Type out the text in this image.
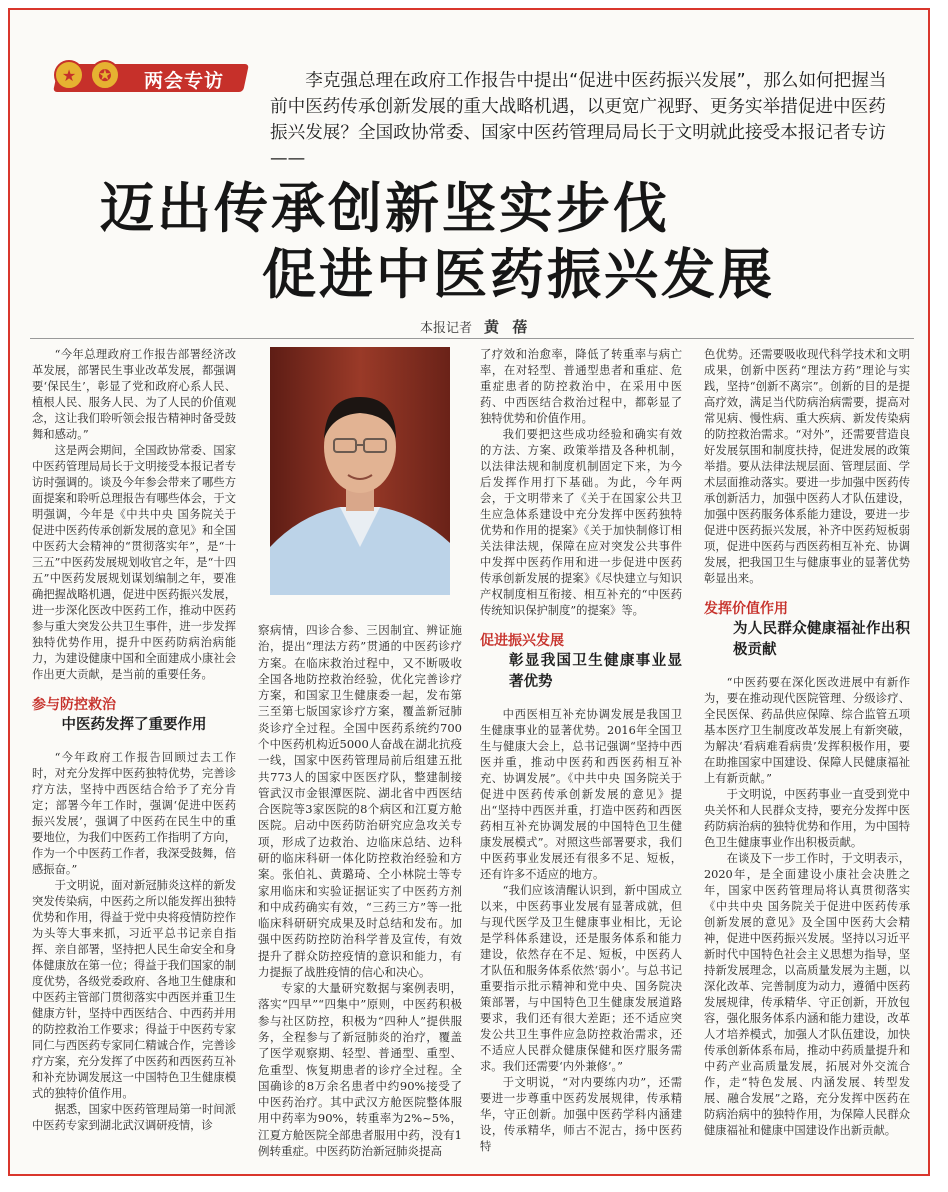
★	✪	两会专访	李克强总理在政府工作报告中提出“促进中医药振兴发展”，那么如何把握当前中医药传承创新发展的重大战略机遇，以更宽广视野、更务实举措促进中医药振兴发展？全国政协常委、国家中医药管理局局长于文明就此接受本报记者专访——

迈出传承创新坚实步伐
促进中医药振兴发展
本报记者 黄 蓓

“今年总理政府工作报告部署经济改革发展，部署民生事业改革发展，都强调要‘保民生’，彰显了党和政府心系人民、植根人民、服务人民、为了人民的价值观念，这让我们聆听领会报告精神时备受鼓舞和感动。”

这是两会期间，全国政协常委、国家中医药管理局局长于文明接受本报记者专访时强调的。谈及今年参会带来了哪些方面提案和聆听总理报告有哪些体会，于文明强调，今年是《中共中央 国务院关于促进中医药传承创新发展的意见》和全国中医药大会精神的“贯彻落实年”，是“十三五”中医药发展规划收官之年，是“十四五”中医药发展规划谋划编制之年，要准确把握战略机遇，促进中医药振兴发展，进一步深化医改中医药工作，推动中医药参与重大突发公共卫生事件，进一步发挥独特优势作用，提升中医药防病治病能力，为建设健康中国和全面建成小康社会作出更大贡献，是当前的重要任务。

参与防控救治
中医药发挥了重要作用

“今年政府工作报告回顾过去工作时，对充分发挥中医药独特优势，完善诊疗方法，坚持中西医结合给予了充分肯定；部署今年工作时，强调‘促进中医药振兴发展’，强调了中医药在民生中的重要地位，为我们中医药工作指明了方向，作为一个中医药工作者，我深受鼓舞，倍感振奋。”

于文明说，面对新冠肺炎这样的新发突发传染病，中医药之所以能发挥出独特优势和作用，得益于党中央将疫情防控作为头等大事来抓，习近平总书记亲自指挥、亲自部署，坚持把人民生命安全和身体健康放在第一位；得益于我们国家的制度优势，各级党委政府、各地卫生健康和中医药主管部门贯彻落实中西医并重卫生健康方针，坚持中西医结合、中西药并用的防控救治工作要求；得益于中医药专家同仁与西医药专家同仁精诚合作，完善诊疗方案，充分发挥了中医药和西医药互补和补充协调发展这一中国特色卫生健康模式的独特价值作用。

据悉，国家中医药管理局第一时间派中医药专家到湖北武汉调研疫情，诊

察病情，四诊合参、三因制宜、辨证施治，提出“理法方药”贯通的中医药诊疗方案。在临床救治过程中，又不断吸收全国各地防控救治经验，优化完善诊疗方案，和国家卫生健康委一起，发布第三至第七版国家诊疗方案，覆盖新冠肺炎诊疗全过程。全国中医药系统约700个中医药机构近5000人奋战在湖北抗疫一线，国家中医药管理局前后组建五批共773人的国家中医医疗队，整建制接管武汉市金银潭医院、湖北省中西医结合医院等3家医院的8个病区和江夏方舱医院。启动中医药防治研究应急攻关专项，形成了边救治、边临床总结、边科研的临床科研一体化防控救治经验和方案。张伯礼、黄璐琦、仝小林院士等专家用临床和实验证据证实了中医药方剂和中成药确实有效，“三药三方”等一批临床科研研究成果及时总结和发布。加强中医药防控防治科学普及宣传，有效提升了群众防控疫情的意识和能力，有力提振了战胜疫情的信心和决心。

专家的大量研究数据与案例表明，落实“四早”“四集中”原则，中医药积极参与社区防控，积极为“四种人”提供服务，全程参与了新冠肺炎的治疗，覆盖了医学观察期、轻型、普通型、重型、危重型、恢复期患者的诊疗全过程。全国确诊的8万余名患者中约90%接受了中医药治疗。其中武汉方舱医院整体服用中药率为90%，转重率为2%~5%，江夏方舱医院全部患者服用中药，没有1例转重症。中医药防治新冠肺炎提高

了疗效和治愈率，降低了转重率与病亡率，在对轻型、普通型患者和重症、危重症患者的防控救治中，在采用中医药、中西医结合救治过程中，都彰显了独特优势和价值作用。

我们要把这些成功经验和确实有效的方法、方案、政策举措及各种机制，以法律法规和制度机制固定下来，为今后发挥作用打下基础。为此，今年两会，于文明带来了《关于在国家公共卫生应急体系建设中充分发挥中医药独特优势和作用的提案》《关于加快制修订相关法律法规，保障在应对突发公共事件中发挥中医药作用和进一步促进中医药传承创新发展的提案》《尽快建立与知识产权制度相互衔接、相互补充的“中医药传统知识保护制度”的提案》等。

促进振兴发展
彰显我国卫生健康事业显著优势

中西医相互补充协调发展是我国卫生健康事业的显著优势。2016年全国卫生与健康大会上，总书记强调“坚持中西医并重，推动中医药和西医药相互补充、协调发展”。《中共中央 国务院关于促进中医药传承创新发展的意见》提出“坚持中西医并重，打造中医药和西医药相互补充协调发展的中国特色卫生健康发展模式”。对照这些部署要求，我们中医药事业发展还有很多不足、短板，还有许多不适应的地方。

“我们应该清醒认识到，新中国成立以来，中医药事业发展有显著成就，但与现代医学及卫生健康事业相比，无论是学科体系建设，还是服务体系和能力建设，依然存在不足、短板，中医药人才队伍和服务体系依然‘弱小’。与总书记重要指示批示精神和党中央、国务院决策部署，与中国特色卫生健康发展道路要求，我们还有很大差距；还不适应突发公共卫生事件应急防控救治需求，还不适应人民群众健康保健和医疗服务需求。我们还需要‘内外兼修’。”

于文明说，“对内要练内功”，还需要进一步尊重中医药发展规律，传承精华，守正创新。加强中医药学科内涵建设，传承精华，师古不泥古，扬中医药特

色优势。还需要吸收现代科学技术和文明成果，创新中医药“理法方药”理论与实践，坚持“创新不离宗”。创新的目的是提高疗效，满足当代防病治病需要，提高对常见病、慢性病、重大疾病、新发传染病的防控救治需求。“对外”，还需要营造良好发展氛围和制度扶持，促进发展的政策举措。要从法律法规层面、管理层面、学术层面推动落实。要进一步加强中医药传承创新活力，加强中医药人才队伍建设，加强中医药服务体系能力建设，要进一步促进中医药振兴发展，补齐中医药短板弱项，促进中医药与西医药相互补充、协调发展，把我国卫生与健康事业的显著优势彰显出来。

发挥价值作用
为人民群众健康福祉作出积极贡献

“中医药要在深化医改进展中有新作为，要在推动现代医院管理、分级诊疗、全民医保、药品供应保障、综合监管五项基本医疗卫生制度改革发展上有新突破，为解决‘看病难看病贵’发挥积极作用，要在助推国家中国建设、保障人民健康福祉上有新贡献。”

于文明说，中医药事业一直受到党中央关怀和人民群众支持，要充分发挥中医药防病治病的独特优势和作用，为中国特色卫生健康事业作出积极贡献。

在谈及下一步工作时，于文明表示，2020年，是全面建设小康社会决胜之年，国家中医药管理局将认真贯彻落实《中共中央 国务院关于促进中医药传承创新发展的意见》及全国中医药大会精神，促进中医药振兴发展。坚持以习近平新时代中国特色社会主义思想为指导，坚持新发展理念，以高质量发展为主题，以深化改革、完善制度为动力，遵循中医药发展规律，传承精华、守正创新，开放包容，强化服务体系内涵和能力建设，改革人才培养模式，加强人才队伍建设，加快传承创新体系布局，推动中药质量提升和中药产业高质量发展，拓展对外交流合作，走“特色发展、内涵发展、转型发展、融合发展”之路，充分发挥中医药在防病治病中的独特作用，为保障人民群众健康福祉和健康中国建设作出新贡献。
